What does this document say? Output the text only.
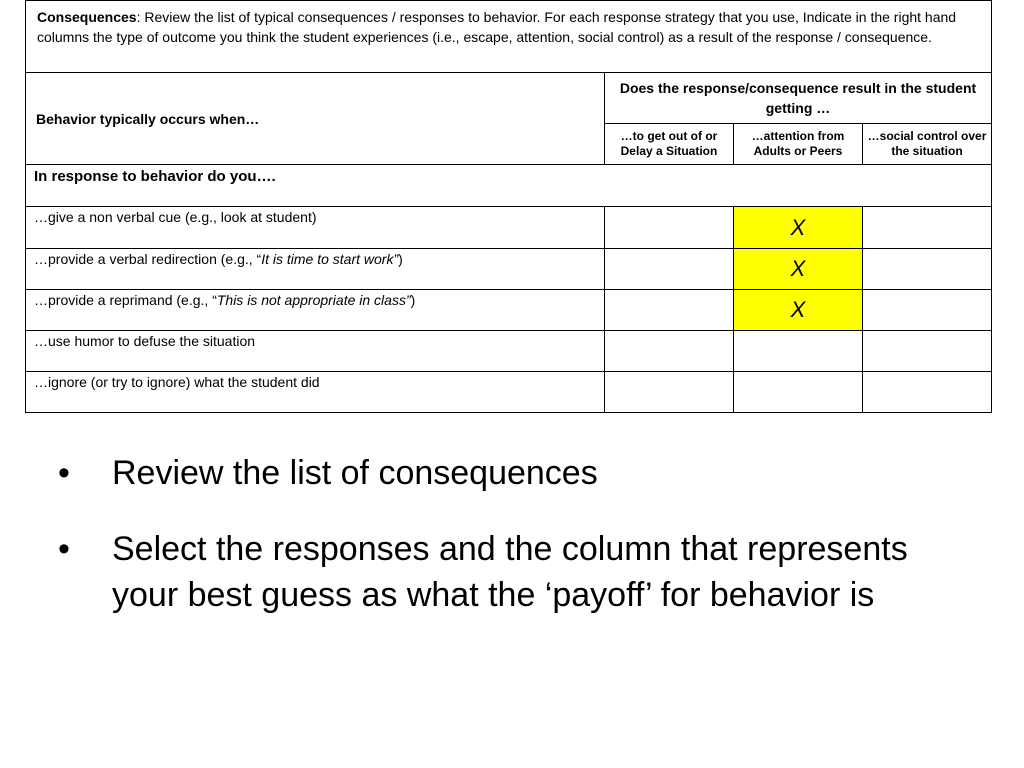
Consequences: Review the list of typical consequences / responses to behavior. For each response strategy that you use, Indicate in the right hand columns the type of outcome you think the student experiences (i.e., escape, attention, social control) as a result of the response / consequence.			
Behavior typically occurs when…	Does the response/consequence result in the student getting …		
	…to get out of or Delay a Situation	…attention from Adults or Peers	…social control over the situation
In response to behavior do you….			
…give a non verbal cue (e.g., look at student)		X	
…provide a verbal redirection (e.g., “It is time to start work”)		X	
…provide a reprimand (e.g., “This is not appropriate in class”)		X	
…use humor to defuse the situation			
…ignore (or try to ignore) what the student did			
•	Review the list of consequences
•	Select the responses and the column that represents your best guess as what the ‘payoff’ for behavior is
